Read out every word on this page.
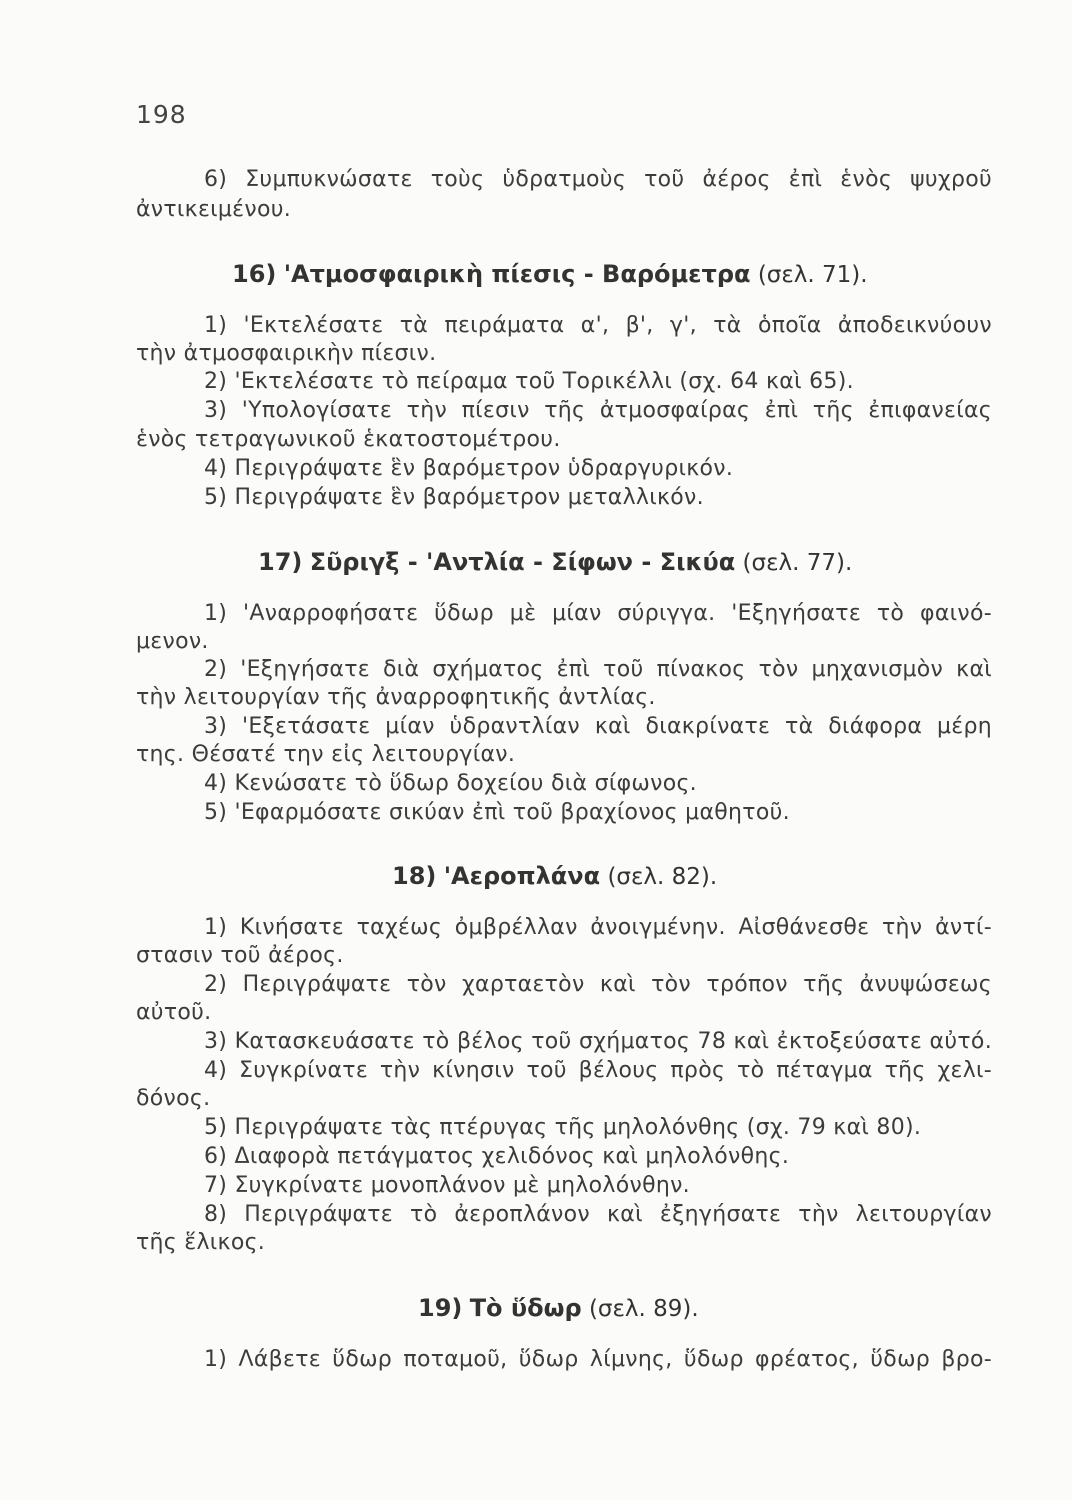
198
6) Συμπυκνώσατε τοὺς ὑδρατμοὺς τοῦ ἀέρος ἐπὶ ἑνὸς ψυχροῦ
ἀντικειμένου.
16) 'Ατμοσφαιρικὴ πίεσις - Βαρόμετρα (σελ. 71).
1) 'Εκτελέσατε τὰ πειράματα α', β', γ', τὰ ὁποῖα ἀποδεικνύουν
τὴν ἀτμοσφαιρικὴν πίεσιν.
2) 'Εκτελέσατε τὸ πείραμα τοῦ Τορικέλλι (σχ. 64 καὶ 65).
3) 'Υπολογίσατε τὴν πίεσιν τῆς ἀτμοσφαίρας ἐπὶ τῆς ἐπιφανείας
ἑνὸς τετραγωνικοῦ ἑκατοστομέτρου.
4) Περιγράψατε ἓν βαρόμετρον ὑδραργυρικόν.
5) Περιγράψατε ἓν βαρόμετρον μεταλλικόν.
17) Σῦριγξ - 'Αντλία - Σίφων - Σικύα (σελ. 77).
1) 'Αναρροφήσατε ὕδωρ μὲ μίαν σύριγγα. 'Εξηγήσατε τὸ φαινό-
μενον.
2) 'Εξηγήσατε διὰ σχήματος ἐπὶ τοῦ πίνακος τὸν μηχανισμὸν καὶ
τὴν λειτουργίαν τῆς ἀναρροφητικῆς ἀντλίας.
3) 'Εξετάσατε μίαν ὑδραντλίαν καὶ διακρίνατε τὰ διάφορα μέρη
της. Θέσατέ την εἰς λειτουργίαν.
4) Κενώσατε τὸ ὕδωρ δοχείου διὰ σίφωνος.
5) 'Εφαρμόσατε σικύαν ἐπὶ τοῦ βραχίονος μαθητοῦ.
18) 'Αεροπλάνα (σελ. 82).
1) Κινήσατε ταχέως ὀμβρέλλαν ἀνοιγμένην. Αἰσθάνεσθε τὴν ἀντί-
στασιν τοῦ ἀέρος.
2) Περιγράψατε τὸν χαρταετὸν καὶ τὸν τρόπον τῆς ἀνυψώσεως
αὐτοῦ.
3) Κατασκευάσατε τὸ βέλος τοῦ σχήματος 78 καὶ ἐκτοξεύσατε αὐτό.
4) Συγκρίνατε τὴν κίνησιν τοῦ βέλους πρὸς τὸ πέταγμα τῆς χελι-
δόνος.
5) Περιγράψατε τὰς πτέρυγας τῆς μηλολόνθης (σχ. 79 καὶ 80).
6) Διαφορὰ πετάγματος χελιδόνος καὶ μηλολόνθης.
7) Συγκρίνατε μονοπλάνον μὲ μηλολόνθην.
8) Περιγράψατε τὸ ἀεροπλάνον καὶ ἐξηγήσατε τὴν λειτουργίαν
τῆς ἕλικος.
19) Τὸ ὕδωρ (σελ. 89).
1) Λάβετε ὕδωρ ποταμοῦ, ὕδωρ λίμνης, ὕδωρ φρέατος, ὕδωρ βρο-
